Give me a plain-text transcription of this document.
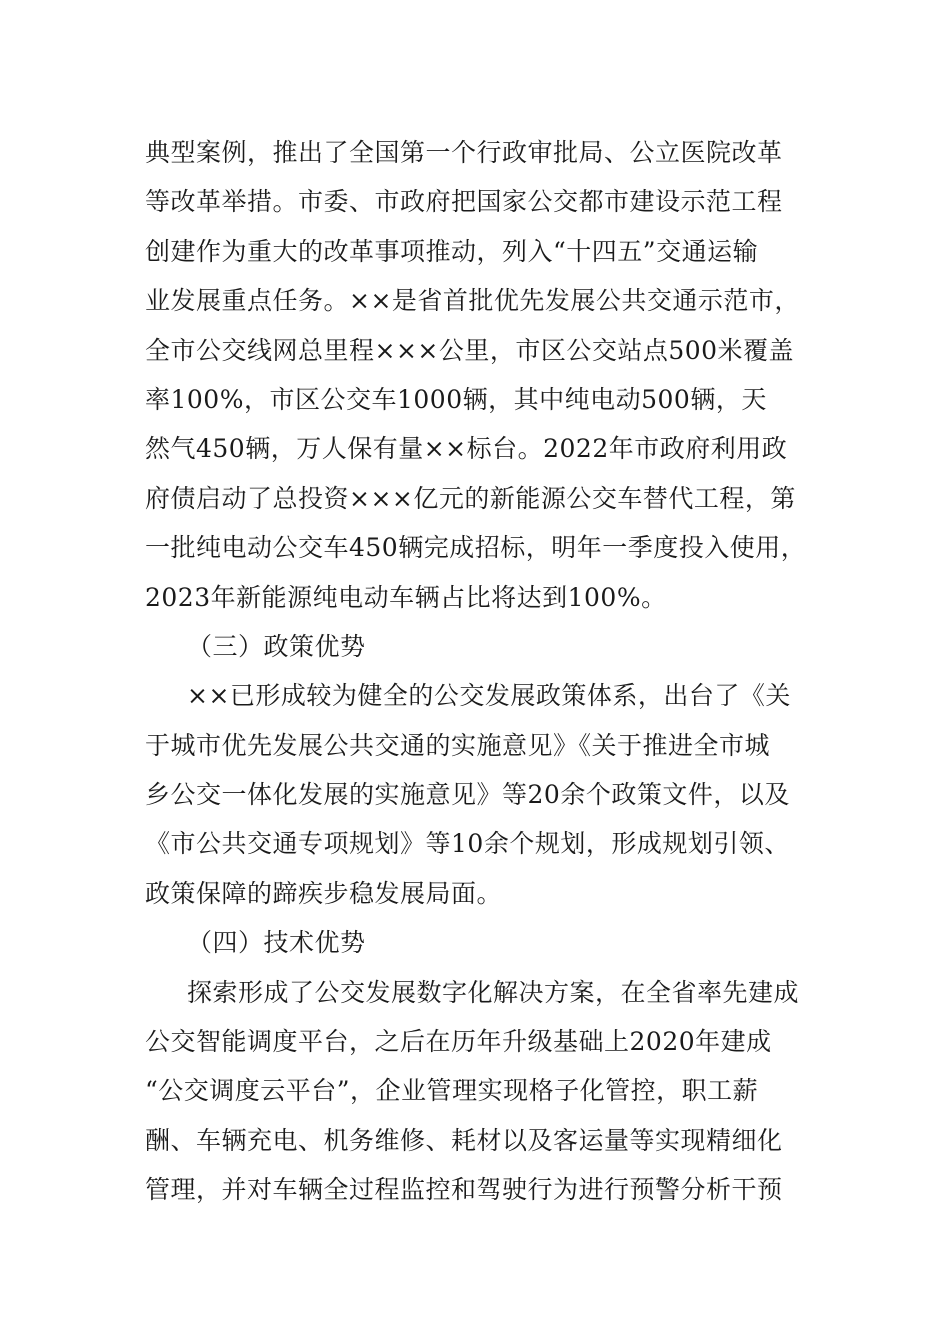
典型案例，推出了全国第一个行政审批局、公立医院改革
等改革举措。市委、市政府把国家公交都市建设示范工程
创建作为重大的改革事项推动，列入“十四五”交通运输
业发展重点任务。××是省首批优先发展公共交通示范市，
全市公交线网总里程×××公里，市区公交站点500米覆盖
率100%，市区公交车1000辆，其中纯电动500辆，天
然气450辆，万人保有量××标台。2022年市政府利用政
府债启动了总投资×××亿元的新能源公交车替代工程，第
一批纯电动公交车450辆完成招标，明年一季度投入使用，
2023年新能源纯电动车辆占比将达到100%。
（三）政策优势
××已形成较为健全的公交发展政策体系，出台了《关
于城市优先发展公共交通的实施意见》《关于推进全市城
乡公交一体化发展的实施意见》等20余个政策文件，以及
《市公共交通专项规划》等10余个规划，形成规划引领、
政策保障的蹄疾步稳发展局面。
（四）技术优势
探索形成了公交发展数字化解决方案，在全省率先建成
公交智能调度平台，之后在历年升级基础上2020年建成
“公交调度云平台”，企业管理实现格子化管控，职工薪
酬、车辆充电、机务维修、耗材以及客运量等实现精细化
管理，并对车辆全过程监控和驾驶行为进行预警分析干预
